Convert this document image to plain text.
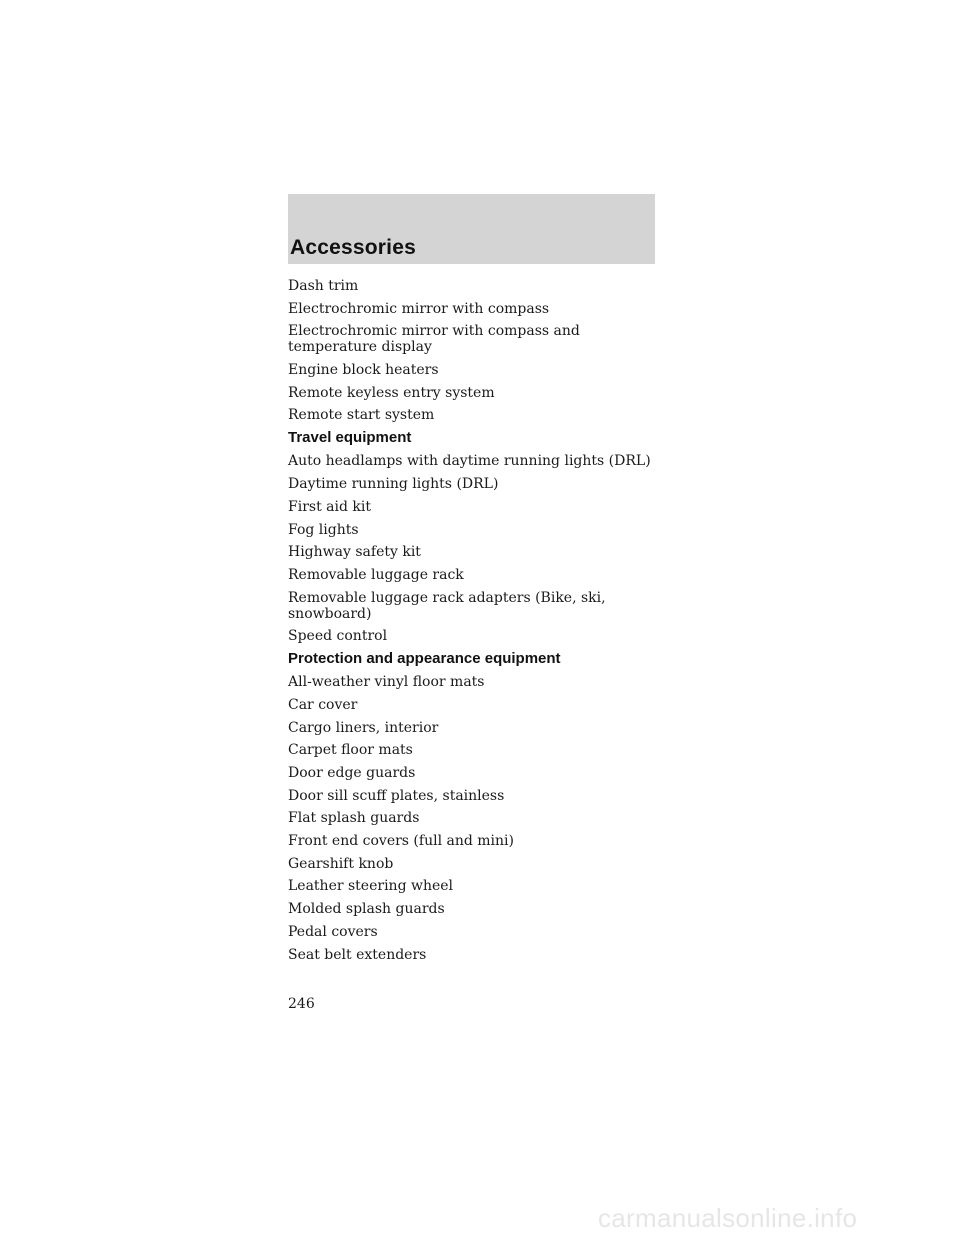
Accessories
Dash trim
Electrochromic mirror with compass
Electrochromic mirror with compass and
temperature display
Engine block heaters
Remote keyless entry system
Remote start system
Travel equipment
Auto headlamps with daytime running lights (DRL)
Daytime running lights (DRL)
First aid kit
Fog lights
Highway safety kit
Removable luggage rack
Removable luggage rack adapters (Bike, ski,
snowboard)
Speed control
Protection and appearance equipment
All-weather vinyl floor mats
Car cover
Cargo liners, interior
Carpet floor mats
Door edge guards
Door sill scuff plates, stainless
Flat splash guards
Front end covers (full and mini)
Gearshift knob
Leather steering wheel
Molded splash guards
Pedal covers
Seat belt extenders
246
carmanualsonline.info
